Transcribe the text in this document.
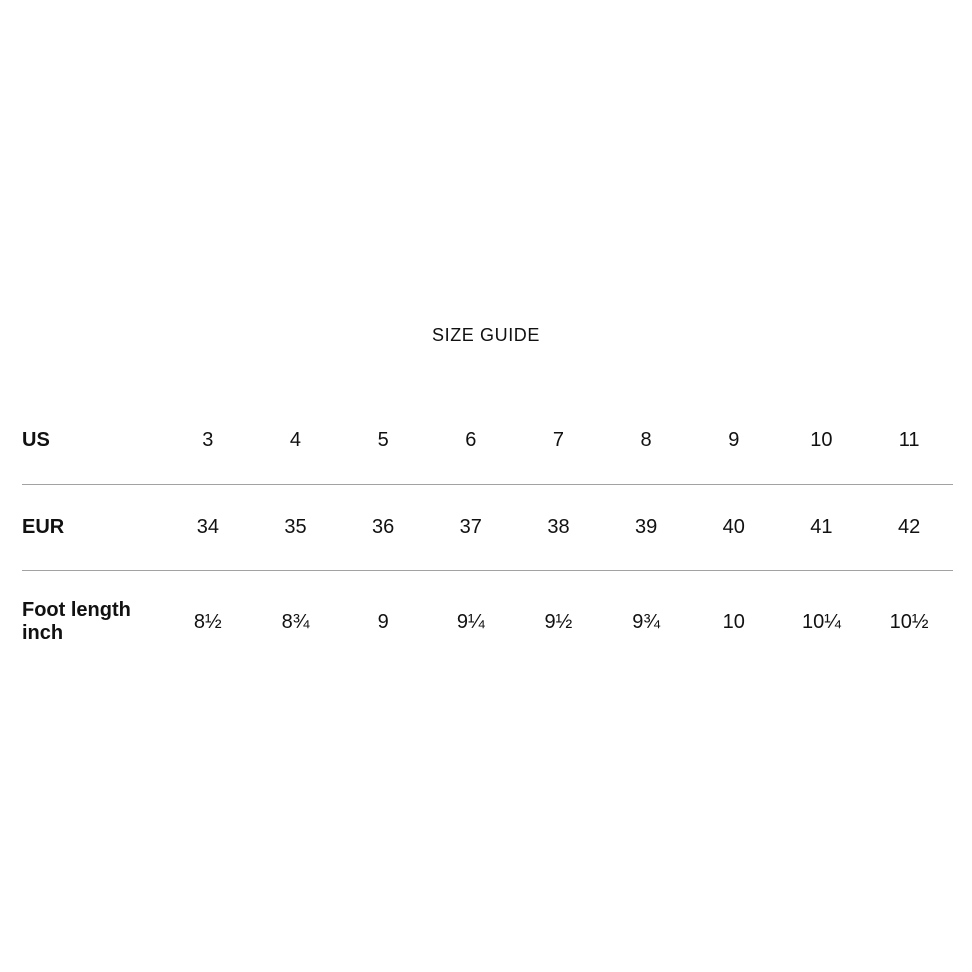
SIZE GUIDE
US	3	4	5	6	7	8	9	10	11
EUR	34	35	36	37	38	39	40	41	42
Foot length inch	8½	8¾	9	9¼	9½	9¾	10	10¼	10½
